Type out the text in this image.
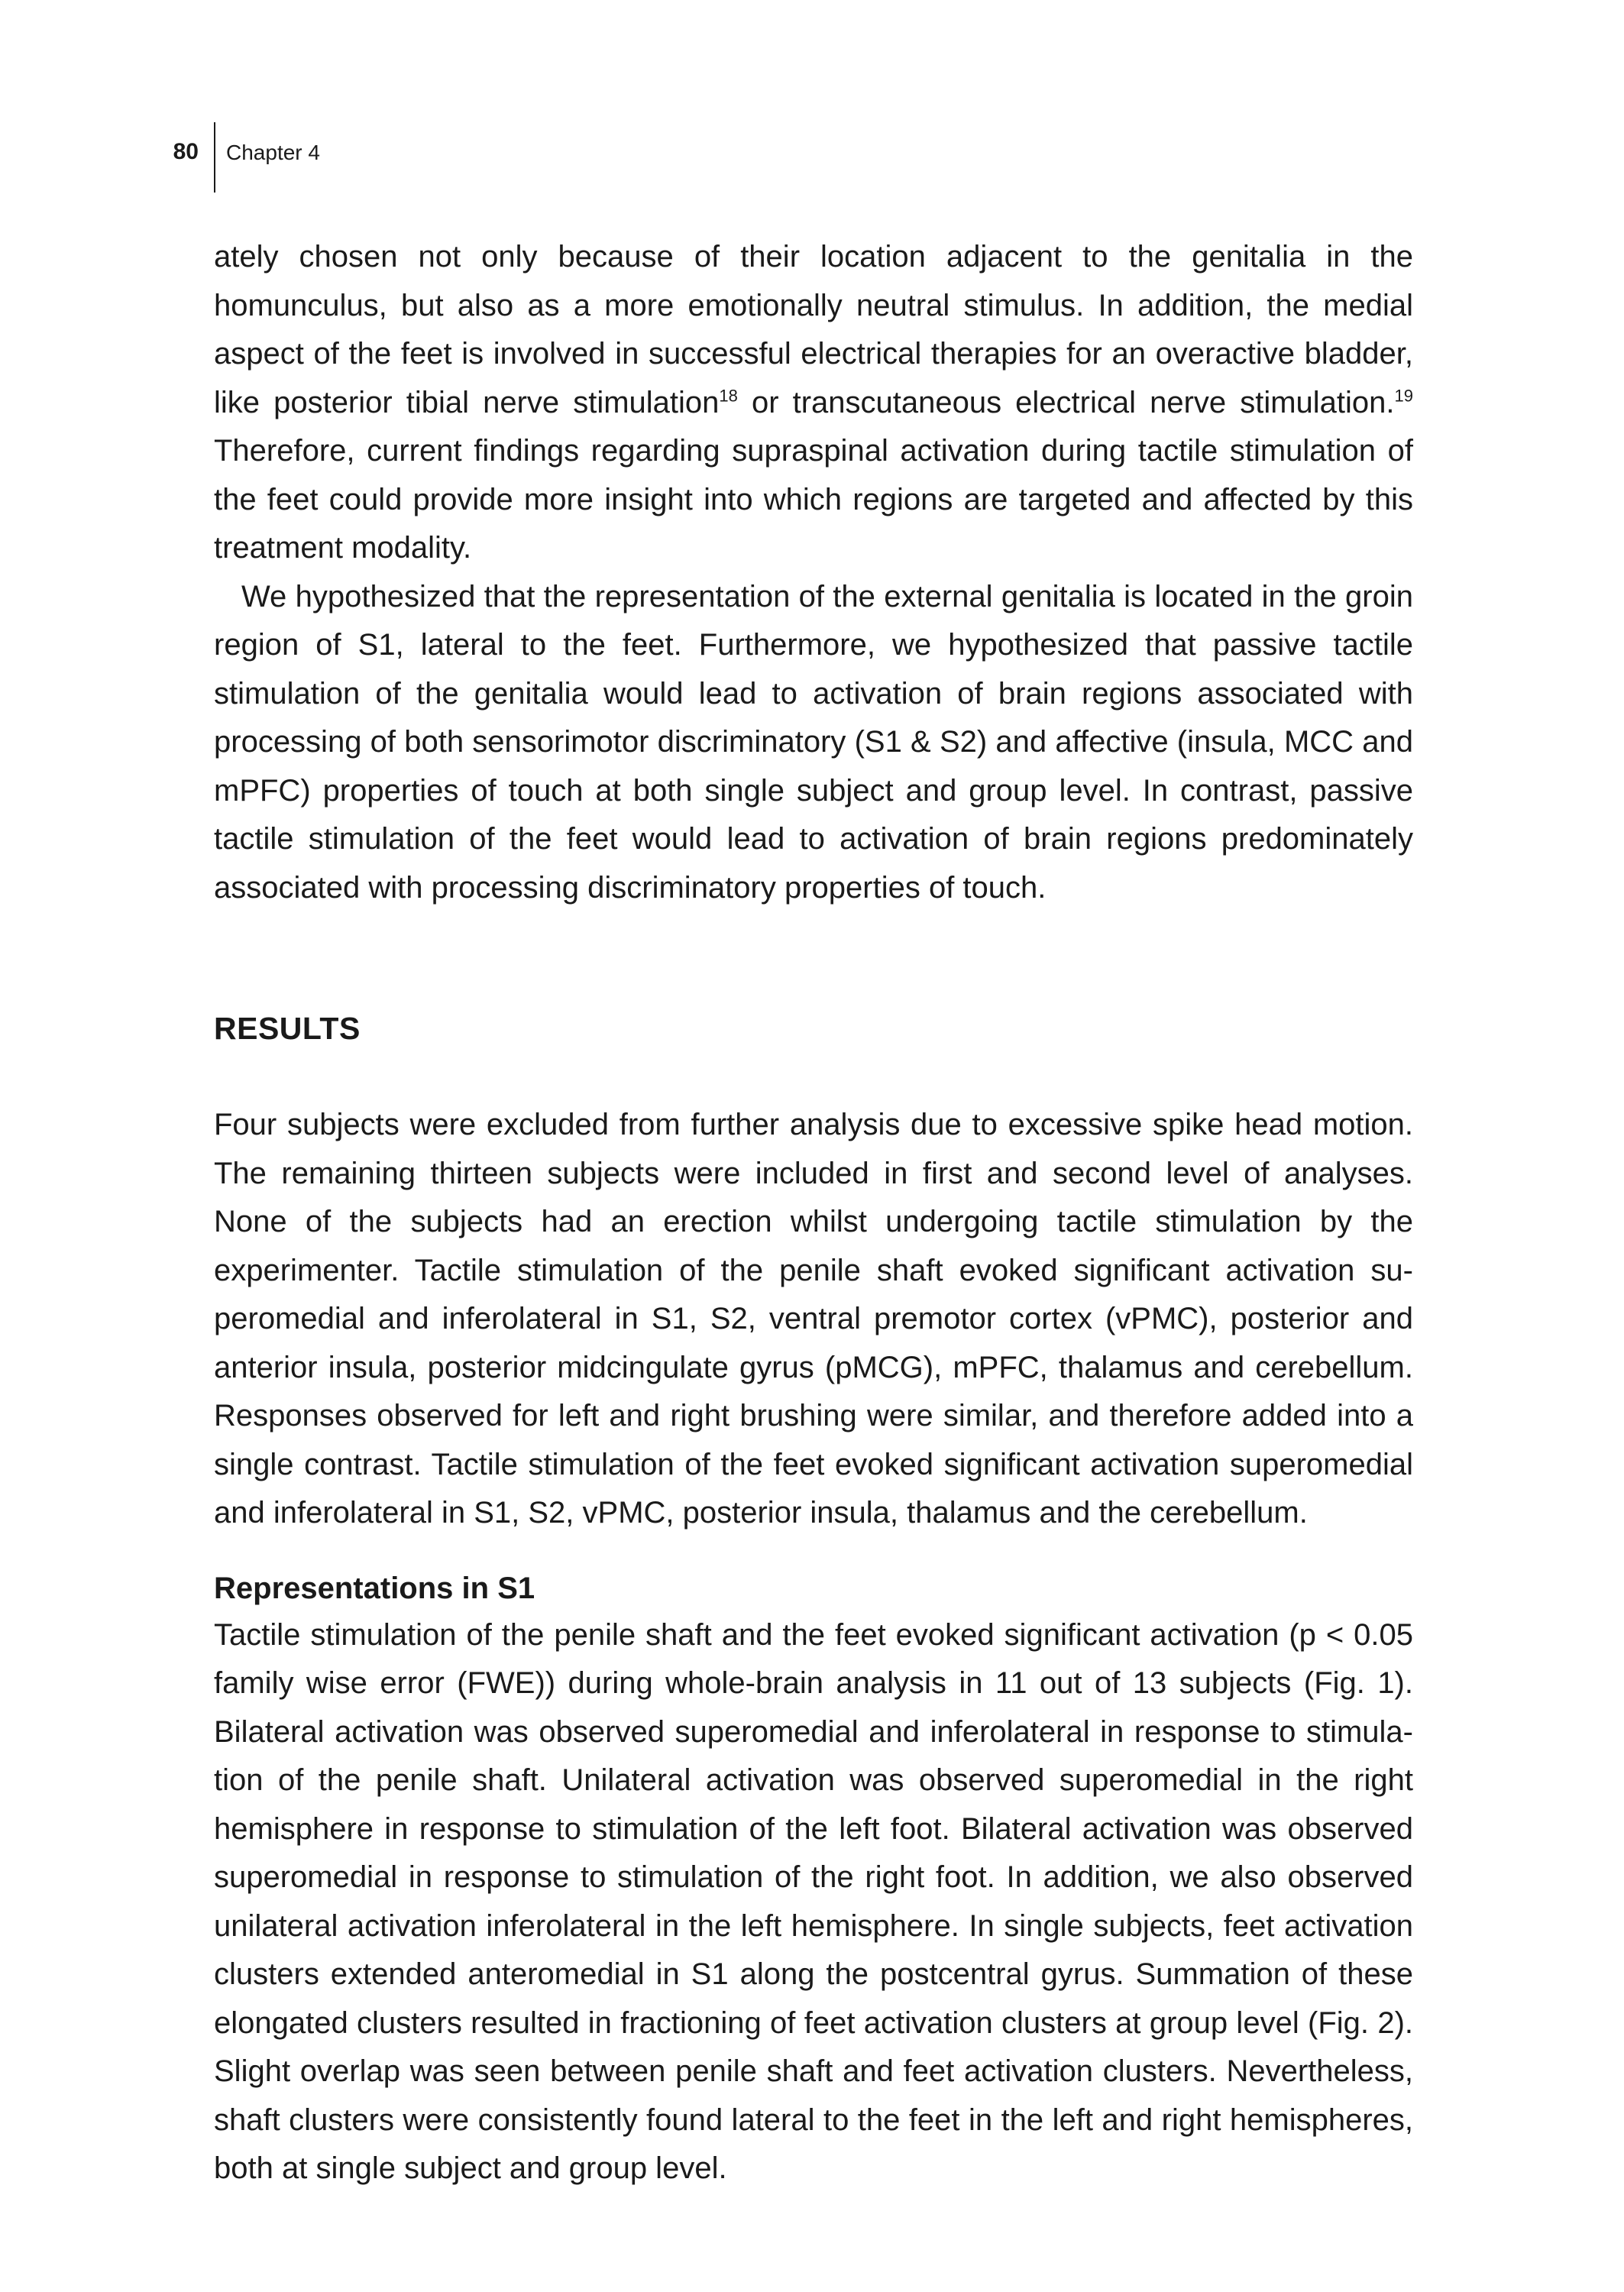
80 Chapter 4

ately chosen not only because of their location adjacent to the genitalia in the homunculus, but also as a more emotionally neutral stimulus. In addition, the medial aspect of the feet is involved in successful electrical therapies for an overactive bladder, like posterior tibial nerve stimulation$^{18}$ or transcutaneous electrical nerve stimulation.$^{19}$ Therefore, current findings regarding supraspinal activation during tactile stimulation of the feet could provide more insight into which regions are targeted and affected by this treatment modality.

We hypothesized that the representation of the external genitalia is located in the groin region of S1, lateral to the feet. Furthermore, we hypothesized that passive tactile stimulation of the genitalia would lead to activation of brain regions associated with processing of both sensorimotor discriminatory (S1 & S2) and affective (insula, MCC and mPFC) properties of touch at both single subject and group level. In contrast, passive tactile stimulation of the feet would lead to activation of brain regions predominately associated with processing discriminatory properties of touch.

RESULTS

Four subjects were excluded from further analysis due to excessive spike head motion. The remaining thirteen subjects were included in first and second level of analyses. None of the subjects had an erection whilst undergoing tactile stimulation by the experimenter. Tactile stimulation of the penile shaft evoked significant activation superomedial and inferolateral in S1, S2, ventral premotor cortex (vPMC), posterior and anterior insula, posterior midcingulate gyrus (pMCG), mPFC, thalamus and cerebellum. Responses observed for left and right brushing were similar, and therefore added into a single contrast. Tactile stimulation of the feet evoked significant activation superomedial and inferolateral in S1, S2, vPMC, posterior insula, thalamus and the cerebellum.

Representations in S1

Tactile stimulation of the penile shaft and the feet evoked significant activation (p < 0.05 family wise error (FWE)) during whole-brain analysis in 11 out of 13 subjects (Fig. 1). Bilateral activation was observed superomedial and inferolateral in response to stimulation of the penile shaft. Unilateral activation was observed superomedial in the right hemisphere in response to stimulation of the left foot. Bilateral activation was observed superomedial in response to stimulation of the right foot. In addition, we also observed unilateral activation inferolateral in the left hemisphere. In single subjects, feet activation clusters extended anteromedial in S1 along the postcentral gyrus. Summation of these elongated clusters resulted in fractioning of feet activation clusters at group level (Fig. 2). Slight overlap was seen between penile shaft and feet activation clusters. Nevertheless, shaft clusters were consistently found lateral to the feet in the left and right hemispheres, both at single subject and group level.
